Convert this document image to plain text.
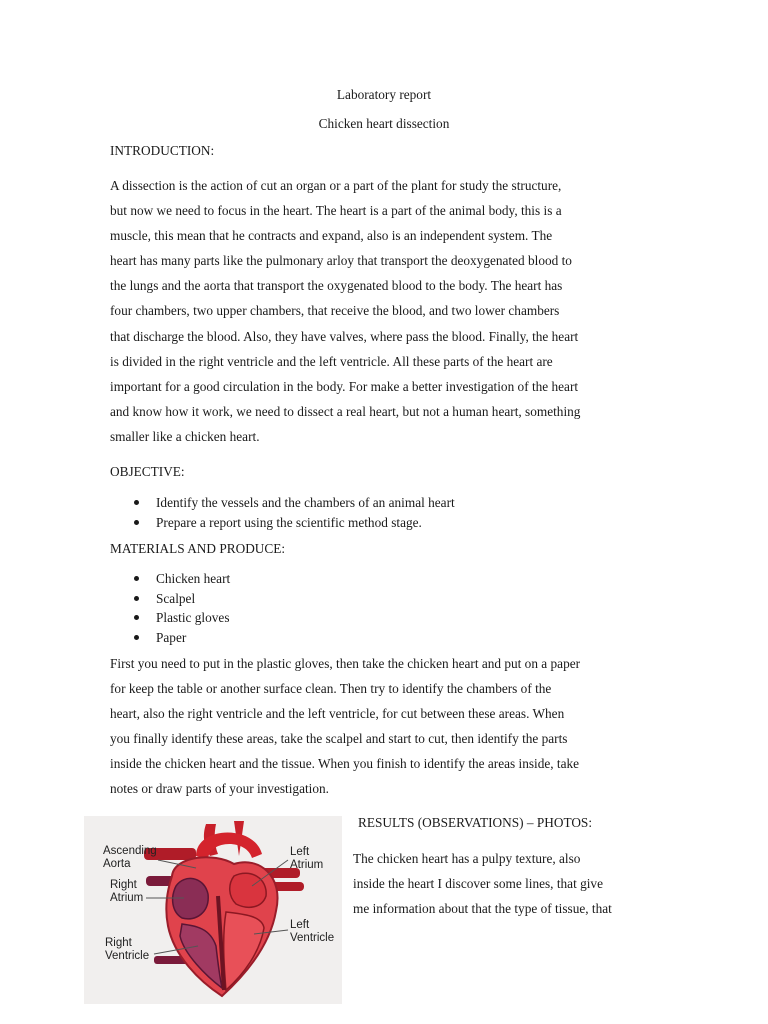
Laboratory report
Chicken heart dissection
INTRODUCTION:
A dissection is the action of cut an organ or a part of the plant for study the structure,
but now we need to focus in the heart. The heart is a part of the animal body, this is a
muscle, this mean that he contracts and expand, also is an independent system. The
heart has many parts like the pulmonary arloy that transport the deoxygenated blood to
the lungs and the aorta that transport the oxygenated blood to the body. The heart has
four chambers, two upper chambers, that receive the blood, and two lower chambers
that discharge the blood. Also, they have valves, where pass the blood. Finally, the heart
is divided in the right ventricle and the left ventricle. All these parts of the heart are
important for a good circulation in the body. For make a better investigation of the heart
and know how it work, we need to dissect a real heart, but not a human heart, something
smaller like a chicken heart.
OBJECTIVE:
Identify the vessels and the chambers of an animal heart
Prepare a report using the scientific method stage.
MATERIALS AND PRODUCE:
Chicken heart
Scalpel
Plastic gloves
Paper
First you need to put in the plastic gloves, then take the chicken heart and put on a paper
for keep the table or another surface clean. Then try to identify the chambers of the
heart, also the right ventricle and the left ventricle, for cut between these areas. When
you finally identify these areas, take the scalpel and start to cut, then identify the parts
inside the chicken heart and the tissue. When you finish to identify the areas inside, take
notes or draw parts of your investigation.
RESULTS (OBSERVATIONS) – PHOTOS:
The chicken heart has a pulpy texture, also
inside the heart I discover some lines, that give
me information about that the type of tissue, that
Ascending
Aorta
Right
Atrium
Right
Ventricle
Left
Atrium
Left
Ventricle
